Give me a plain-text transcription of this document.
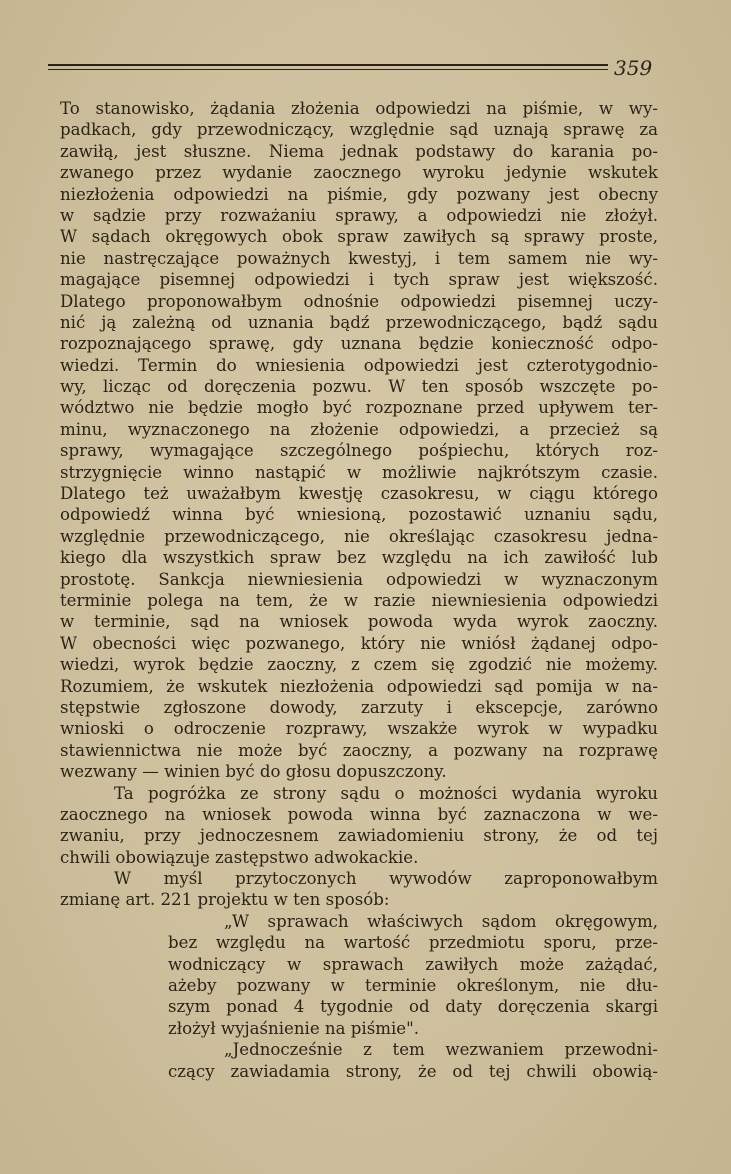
359
To stanowisko, żądania złożenia odpowiedzi na piśmie, w wy-
padkach, gdy przewodniczący, względnie sąd uznają sprawę za
zawiłą, jest słuszne. Niema jednak podstawy do karania po-
zwanego przez wydanie zaocznego wyroku jedynie wskutek
niezłożenia odpowiedzi na piśmie, gdy pozwany jest obecny
w sądzie przy rozważaniu sprawy, a odpowiedzi nie złożył.
W sądach okręgowych obok spraw zawiłych są sprawy proste,
nie nastręczające poważnych kwestyj, i tem samem nie wy-
magające pisemnej odpowiedzi i tych spraw jest większość.
Dlatego proponowałbym odnośnie odpowiedzi pisemnej uczy-
nić ją zależną od uznania bądź przewodniczącego, bądź sądu
rozpoznającego sprawę, gdy uznana będzie konieczność odpo-
wiedzi. Termin do wniesienia odpowiedzi jest czterotygodnio-
wy, licząc od doręczenia pozwu. W ten sposób wszczęte po-
wództwo nie będzie mogło być rozpoznane przed upływem ter-
minu, wyznaczonego na złożenie odpowiedzi, a przecież są
sprawy, wymagające szczególnego pośpiechu, których roz-
strzygnięcie winno nastąpić w możliwie najkrótszym czasie.
Dlatego też uważałbym kwestję czasokresu, w ciągu którego
odpowiedź winna być wniesioną, pozostawić uznaniu sądu,
względnie przewodniczącego, nie określając czasokresu jedna-
kiego dla wszystkich spraw bez względu na ich zawiłość lub
prostotę. Sankcja niewniesienia odpowiedzi w wyznaczonym
terminie polega na tem, że w razie niewniesienia odpowiedzi
w terminie, sąd na wniosek powoda wyda wyrok zaoczny.
W obecności więc pozwanego, który nie wniósł żądanej odpo-
wiedzi, wyrok będzie zaoczny, z czem się zgodzić nie możemy.
Rozumiem, że wskutek niezłożenia odpowiedzi sąd pomija w na-
stępstwie zgłoszone dowody, zarzuty i ekscepcje, zarówno
wnioski o odroczenie rozprawy, wszakże wyrok w wypadku
stawiennictwa nie może być zaoczny, a pozwany na rozprawę
wezwany — winien być do głosu dopuszczony.
Ta pogróżka ze strony sądu o możności wydania wyroku
zaocznego na wniosek powoda winna być zaznaczona w we-
zwaniu, przy jednoczesnem zawiadomieniu strony, że od tej
chwili obowiązuje zastępstwo adwokackie.
W myśl przytoczonych wywodów zaproponowałbym
zmianę art. 221 projektu w ten sposób:
„W sprawach właściwych sądom okręgowym,
bez względu na wartość przedmiotu sporu, prze-
wodniczący w sprawach zawiłych może zażądać,
ażeby pozwany w terminie określonym, nie dłu-
szym ponad 4 tygodnie od daty doręczenia skargi
złożył wyjaśnienie na piśmie".
„Jednocześnie z tem wezwaniem przewodni-
czący zawiadamia strony, że od tej chwili obowią-
